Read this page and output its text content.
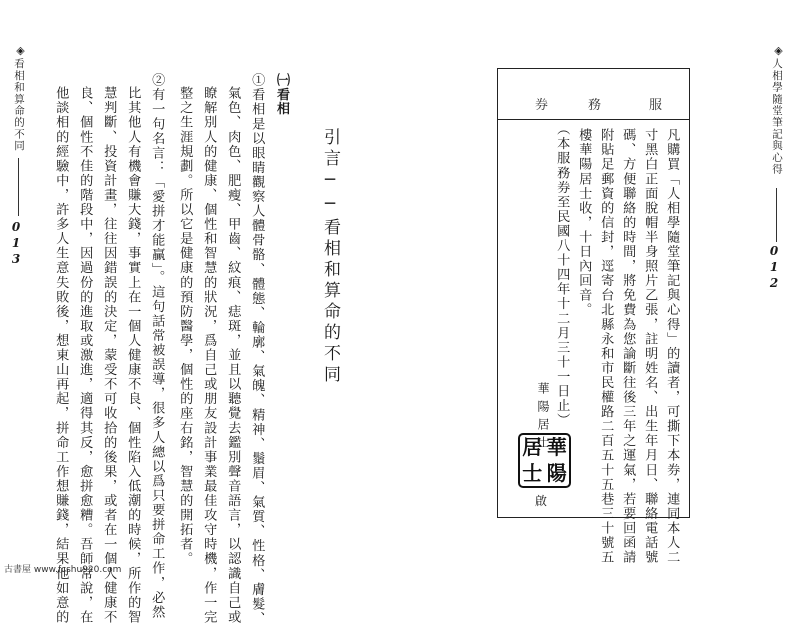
◈
人相學隨堂筆記與心得
012
服
務
券
凡購買「人相學隨堂筆記與心得」的讀者，可撕下本券，連同本人二
寸黑白正面脫帽半身照片乙張，註明姓名、出生年月日、聯絡電話號
碼、方便聯絡的時間，將免費為您論斷往後三年之運氣，若要回函請
附貼足郵資的信封，逕寄台北縣永和市民權路二百五十五巷三十號五
樓華陽居士收，十日內回音。
（本服務券至民國八十四年十二月三十一日止）
華陽居士
居 華
士 陽
啟
引言──看相和算命的不同
㈠看相
①看相是以眼睛觀察人體骨骼、體態、輪廓、氣魄、精神、鬚眉、氣質、性格、膚髮、
氣色、肉色、肥瘦、甲齒、紋痕、痣斑，並且以聽覺去鑑別聲音語言，以認識自己或
瞭解別人的健康、個性和智慧的狀況，爲自己或朋友設計事業最佳攻守時機，作一完
整之生涯規劃。所以它是健康的預防醫學，個性的座右銘，智慧的開拓者。
②有一句名言：「愛拼才能贏」。這句話常被誤導，很多人總以爲只要拼命工作，必然
比其他人有機會賺大錢，事實上在一個人健康不良、個性陷入低潮的時候，所作的智
慧判斷、投資計畫，往往因錯誤的決定，蒙受不可收拾的後果，或者在一個人健康不
良、個性不佳的階段中，因過份的進取或激進，適得其反，愈拼愈糟。吾師常說，在
他談相的經驗中，許多人生意失敗後，想東山再起，拼命工作想賺錢，結果他如意的
◈
看相和算命的不同
013
古書屋 www.fcshu920.com
